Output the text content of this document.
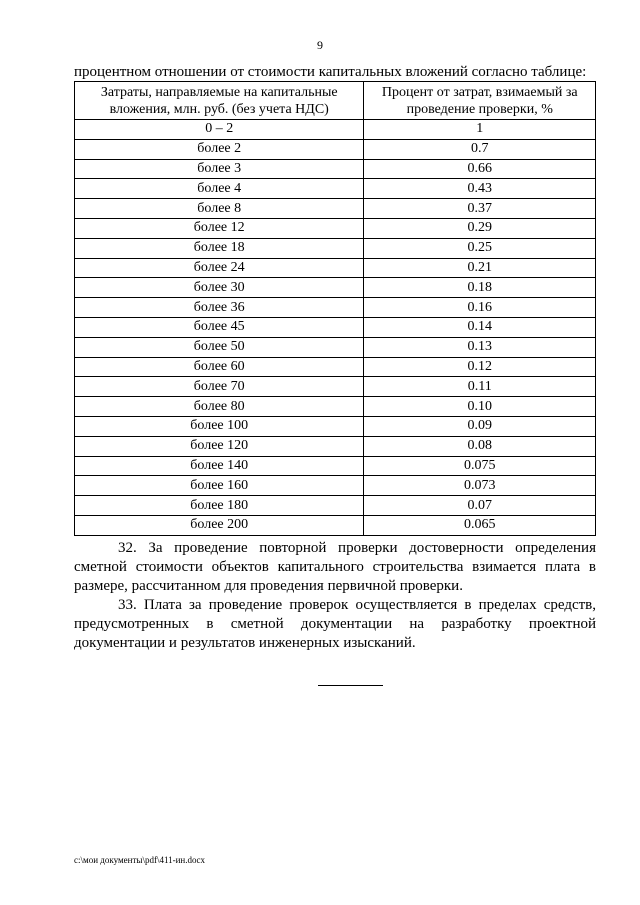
9
процентном отношении от стоимости капитальных вложений согласно таблице:
Затраты, направляемые на капитальные вложения, млн. руб. (без учета НДС)	Процент от затрат, взимаемый за проведение проверки, %
0 – 2	1
более 2	0.7
более 3	0.66
более 4	0.43
более 8	0.37
более 12	0.29
более 18	0.25
более 24	0.21
более 30	0.18
более 36	0.16
более 45	0.14
более 50	0.13
более 60	0.12
более 70	0.11
более 80	0.10
более 100	0.09
более 120	0.08
более 140	0.075
более 160	0.073
более 180	0.07
более 200	0.065
32. За проведение повторной проверки достоверности определения сметной стоимости объектов капитального строительства взимается плата в размере, рассчитанном для проведения первичной проверки.
33. Плата за проведение проверок осуществляется в пределах средств, предусмотренных в сметной документации на разработку проектной документации и результатов инженерных изысканий.
c:\мои документы\pdf\411-ин.docx
